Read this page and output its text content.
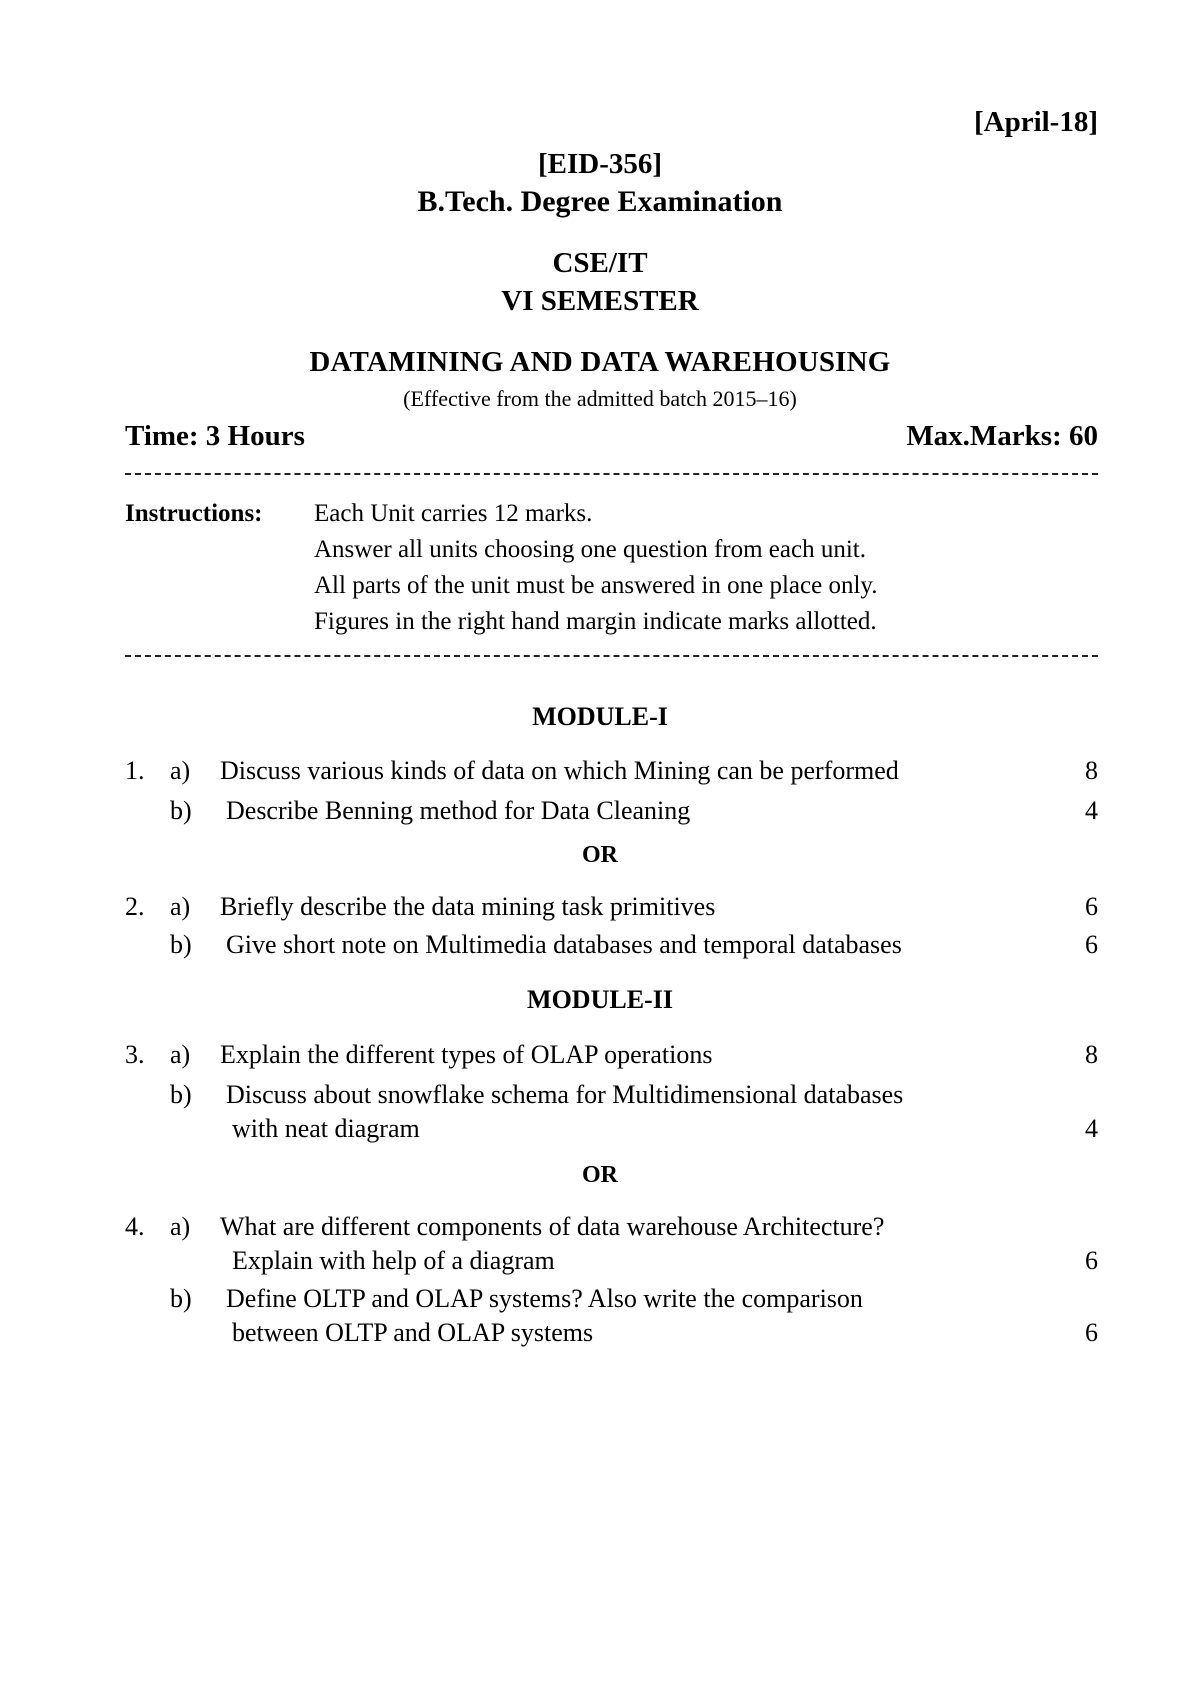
[April-18]
[EID-356]
B.Tech. Degree Examination
CSE/IT
VI SEMESTER
DATAMINING AND DATA WAREHOUSING
(Effective from the admitted batch 2015–16)
Time: 3 Hours	Max.Marks: 60
Instructions: Each Unit carries 12 marks.
Answer all units choosing one question from each unit.
All parts of the unit must be answered in one place only.
Figures in the right hand margin indicate marks allotted.
MODULE-I
1. a) Discuss various kinds of data on which Mining can be performed	8
b) Describe Benning method for Data Cleaning	4
OR
2. a) Briefly describe the data mining task primitives	6
b) Give short note on Multimedia databases and temporal databases	6
MODULE-II
3. a) Explain the different types of OLAP operations	8
b) Discuss about snowflake schema for Multidimensional databases
with neat diagram	4
OR
4. a) What are different components of data warehouse Architecture?
Explain with help of a diagram	6
b) Define OLTP and OLAP systems? Also write the comparison
between OLTP and OLAP systems	6
